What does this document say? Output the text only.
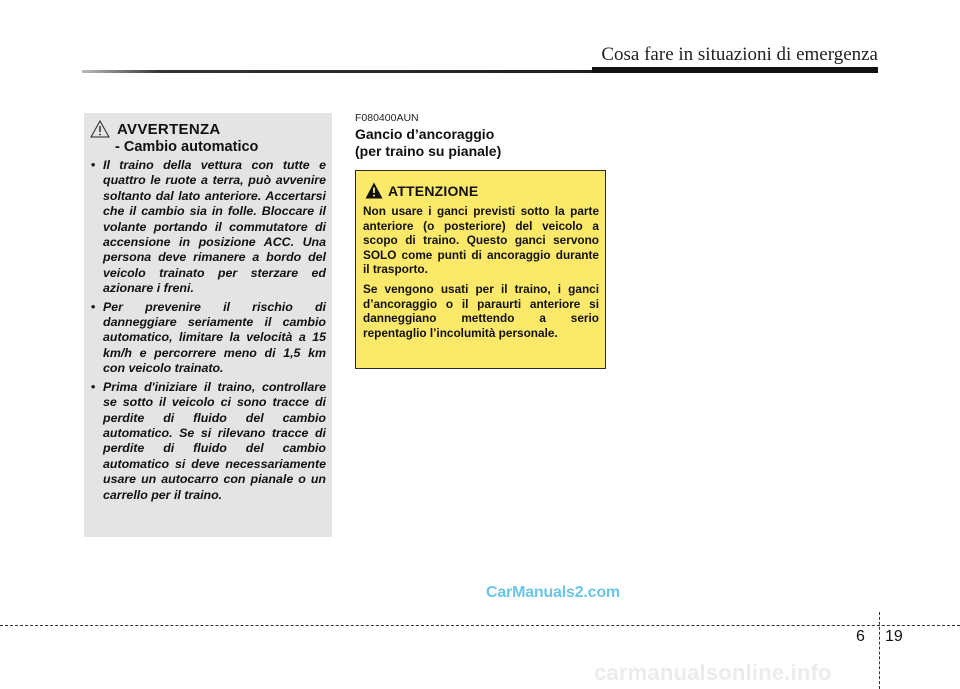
Cosa fare in situazioni di emergenza
AVVERTENZA
- Cambio automatico
• Il traino della vettura con tutte e quattro le ruote a terra, può avvenire soltanto dal lato anteriore. Accertarsi che il cambio sia in folle. Bloccare il volante portando il commutatore di accensione in posizione ACC. Una persona deve rimanere a bordo del veicolo trainato per sterzare ed azionare i freni.
• Per prevenire il rischio di danneggiare seriamente il cambio automatico, limitare la velocità a 15 km/h e percorrere meno di 1,5 km con veicolo trainato.
• Prima d'iniziare il traino, controllare se sotto il veicolo ci sono tracce di perdite di fluido del cambio automatico. Se si rilevano tracce di perdite di fluido del cambio automatico si deve necessariamente usare un autocarro con pianale o un carrello per il traino.
F080400AUN
Gancio d’ancoraggio
(per traino su pianale)
ATTENZIONE

Non usare i ganci previsti sotto la parte anteriore (o posteriore) del veicolo a scopo di traino. Questo ganci servono SOLO come punti di ancoraggio durante il trasporto.

Se vengono usati per il traino, i ganci d’ancoraggio o il paraurti anteriore si danneggiano mettendo a serio repentaglio l’incolumità personale.

CarManuals2.com
carmanualsonline.info
6 19
